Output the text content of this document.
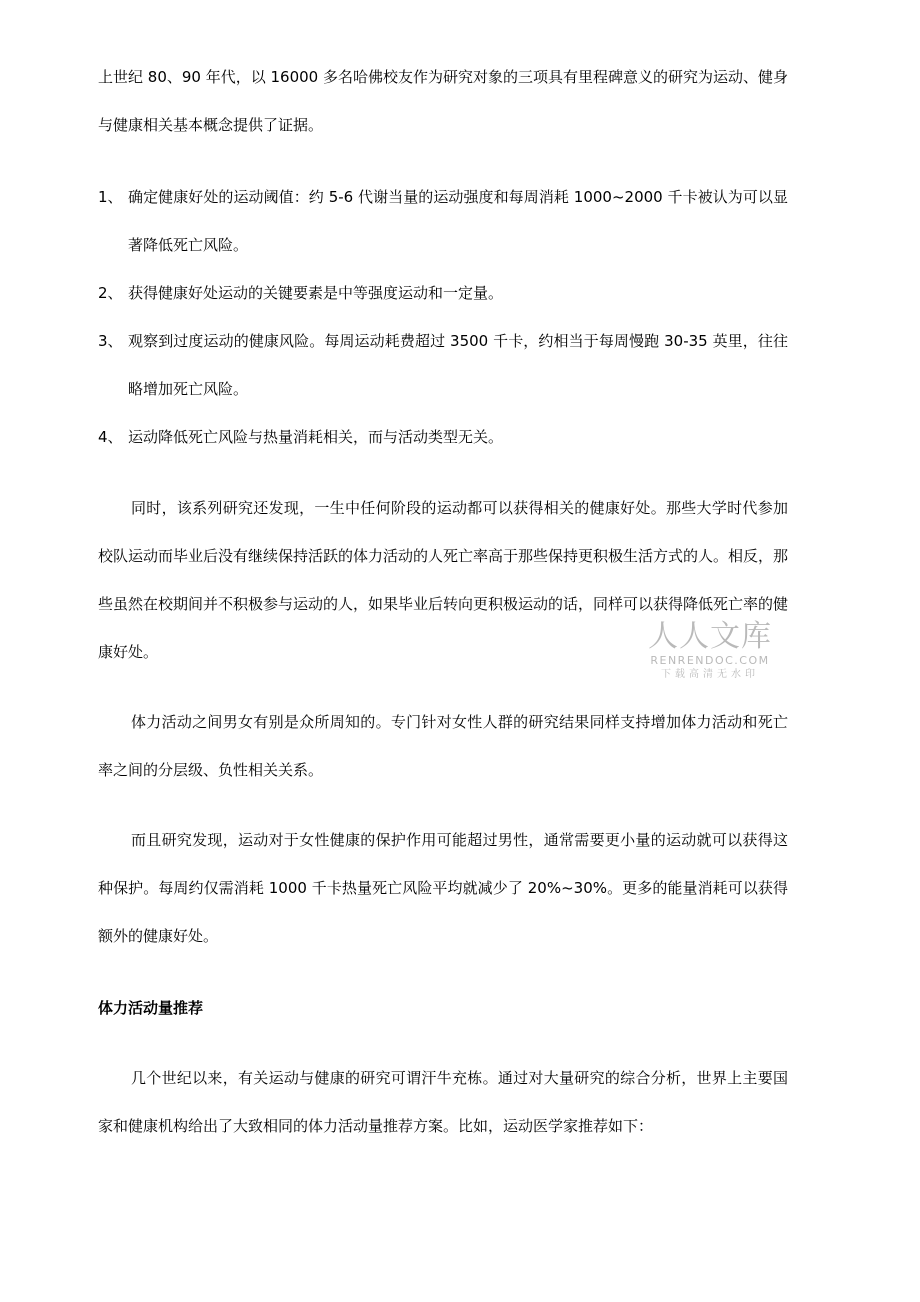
上世纪 80、90 年代，以 16000 多名哈佛校友作为研究对象的三项具有里程碑意义的研究为运动、健身与健康相关基本概念提供了证据。

1、 确定健康好处的运动阈值：约 5-6 代谢当量的运动强度和每周消耗 1000~2000 千卡被认为可以显著降低死亡风险。
2、 获得健康好处运动的关键要素是中等强度运动和一定量。
3、 观察到过度运动的健康风险。每周运动耗费超过 3500 千卡，约相当于每周慢跑 30-35 英里，往往略增加死亡风险。
4、 运动降低死亡风险与热量消耗相关，而与活动类型无关。

同时，该系列研究还发现，一生中任何阶段的运动都可以获得相关的健康好处。那些大学时代参加校队运动而毕业后没有继续保持活跃的体力活动的人死亡率高于那些保持更积极生活方式的人。相反，那些虽然在校期间并不积极参与运动的人，如果毕业后转向更积极运动的话，同样可以获得降低死亡率的健康好处。

体力活动之间男女有别是众所周知的。专门针对女性人群的研究结果同样支持增加体力活动和死亡率之间的分层级、负性相关关系。

而且研究发现，运动对于女性健康的保护作用可能超过男性，通常需要更小量的运动就可以获得这种保护。每周约仅需消耗 1000 千卡热量死亡风险平均就减少了 20%~30%。更多的能量消耗可以获得额外的健康好处。

体力活动量推荐

几个世纪以来，有关运动与健康的研究可谓汗牛充栋。通过对大量研究的综合分析，世界上主要国家和健康机构给出了大致相同的体力活动量推荐方案。比如，运动医学家推荐如下：

人人文库
RENRENDOC.COM
下载高清无水印
